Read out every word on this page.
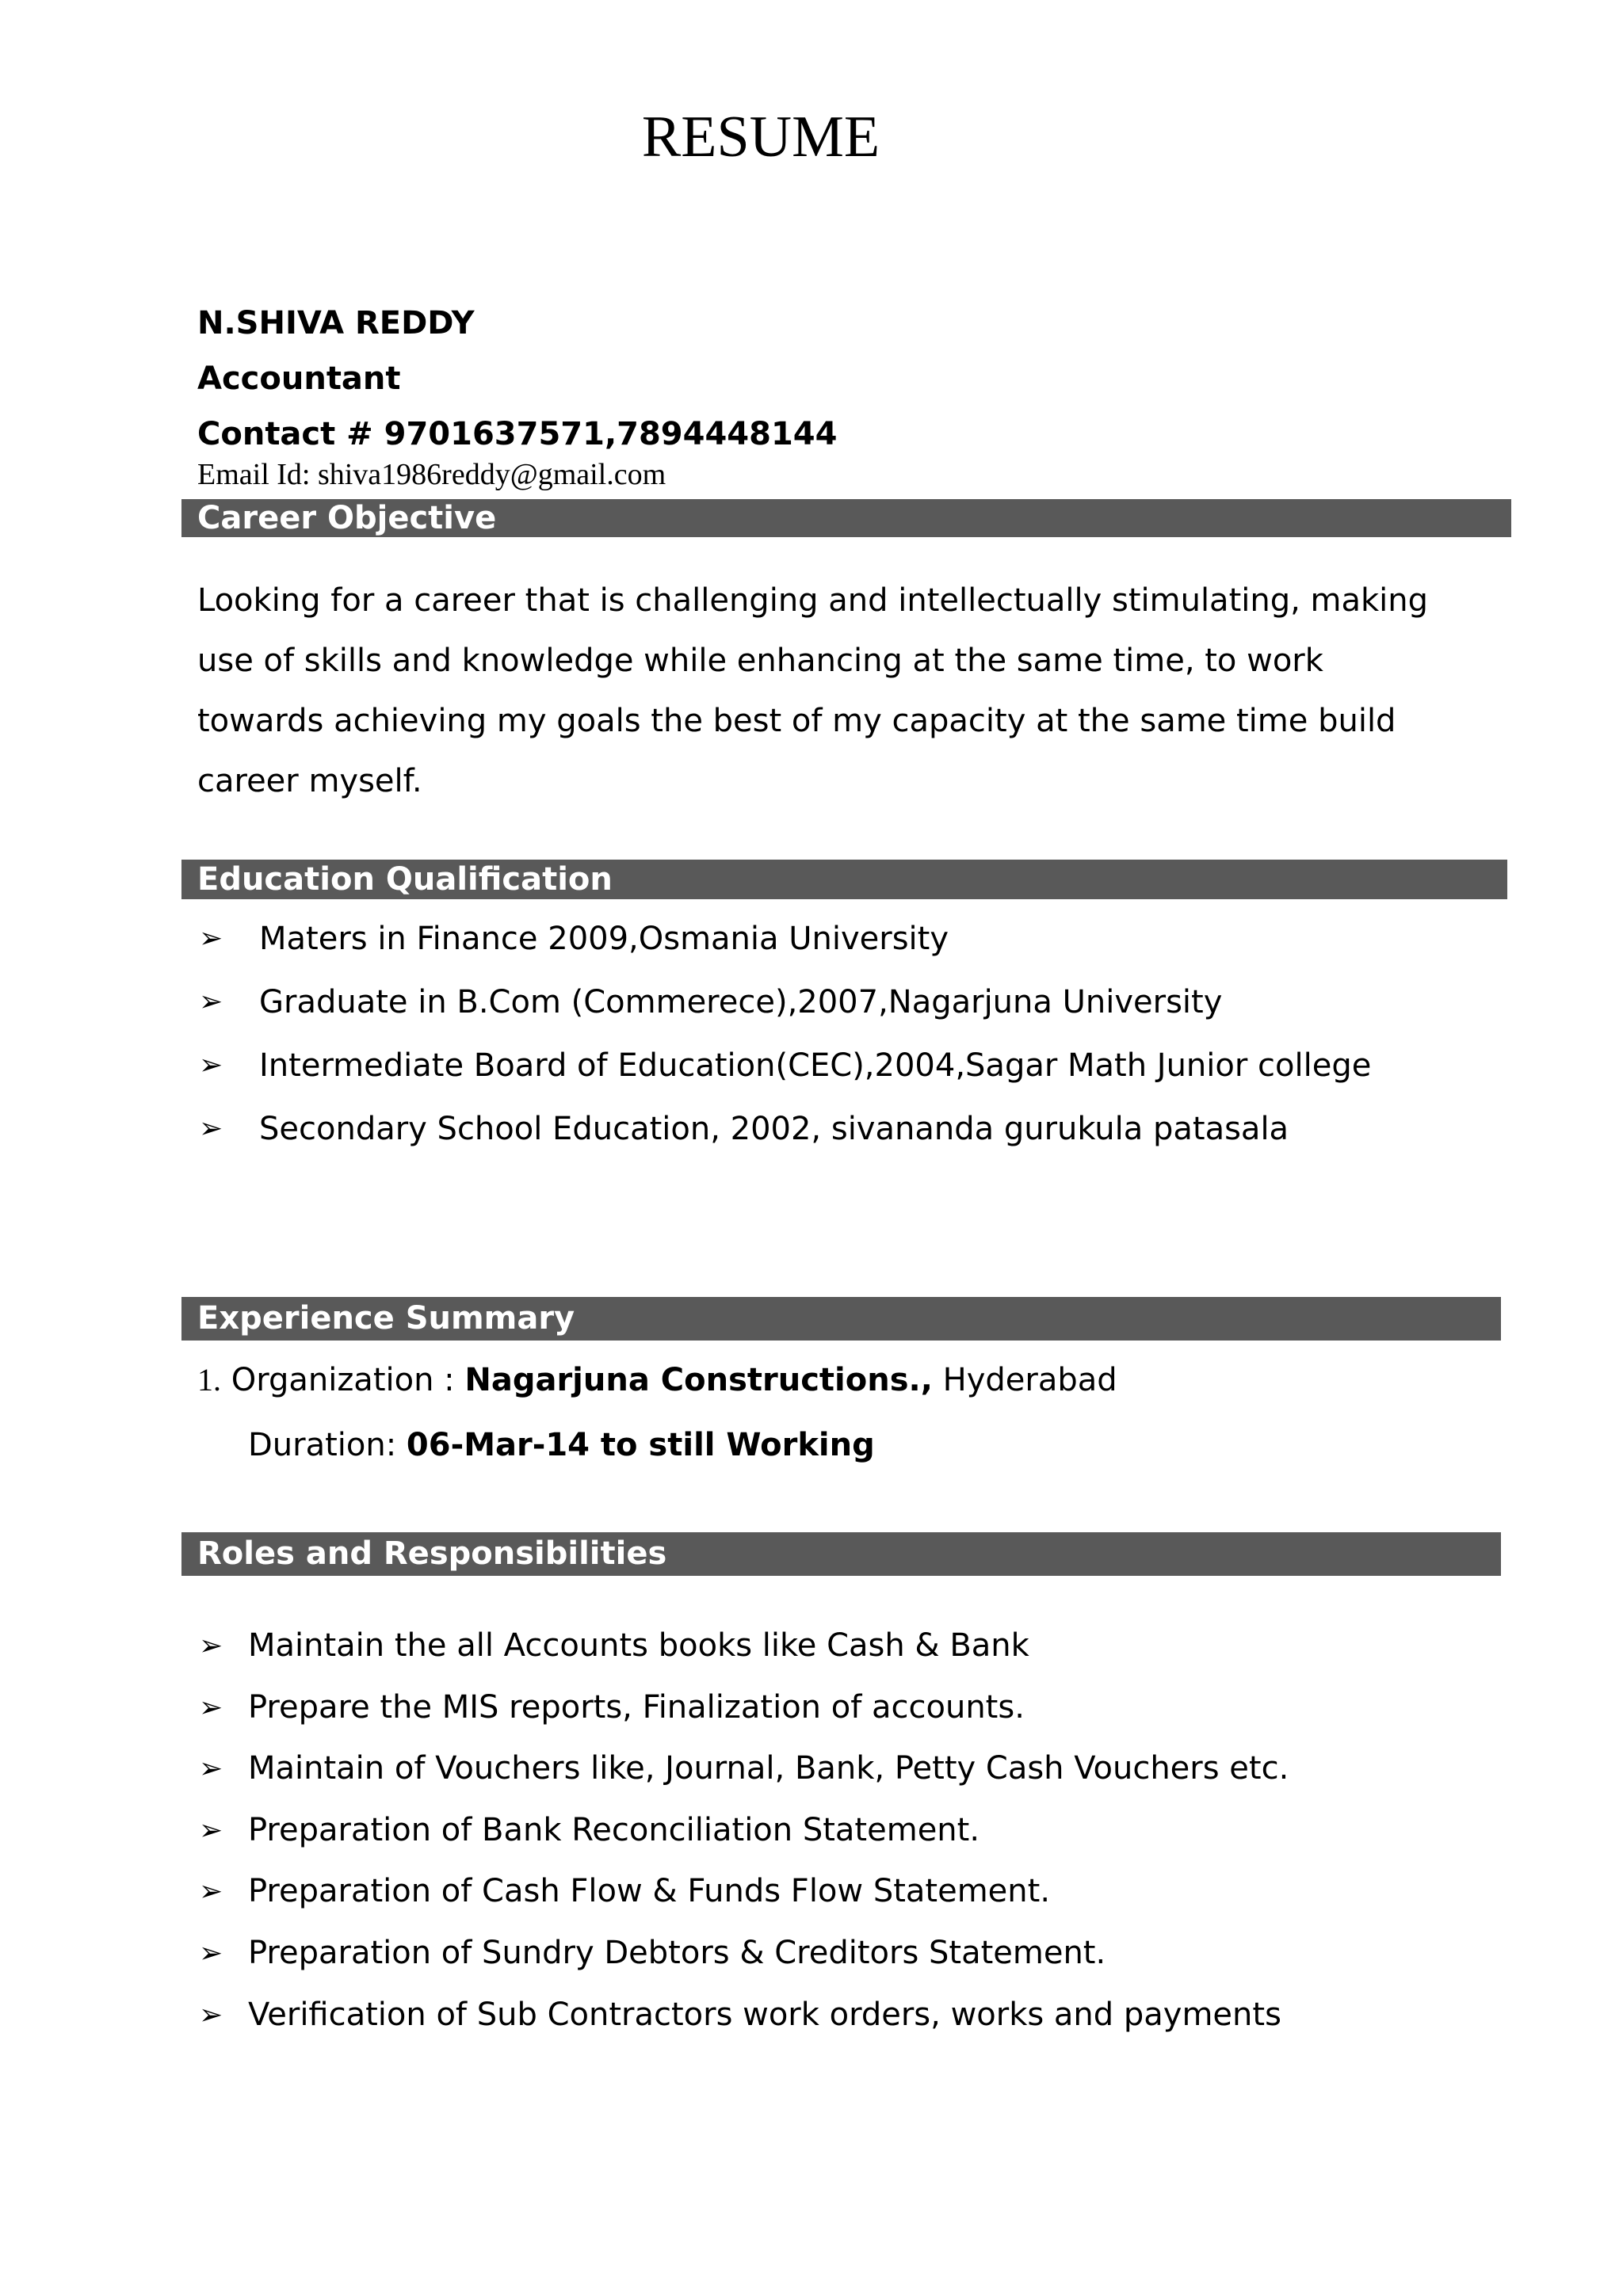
RESUME
N.SHIVA REDDY
Accountant
Contact # 9701637571,7894448144
Email Id: shiva1986reddy@gmail.com
Career Objective
Looking for a career that is challenging and intellectually stimulating, making
use of skills and knowledge while enhancing at the same time, to work
towards achieving my goals the best of my capacity at the same time build
career myself.
Education Qualification
➢ Maters in Finance 2009,Osmania University
➢ Graduate in B.Com (Commerece),2007,Nagarjuna University
➢ Intermediate Board of Education(CEC),2004,Sagar Math Junior college
➢ Secondary School Education, 2002, sivananda gurukula patasala
Experience Summary
1. Organization : Nagarjuna Constructions., Hyderabad
Duration: 06-Mar-14 to still Working
Roles and Responsibilities
➢ Maintain the all Accounts books like Cash & Bank
➢ Prepare the MIS reports, Finalization of accounts.
➢ Maintain of Vouchers like, Journal, Bank, Petty Cash Vouchers etc.
➢ Preparation of Bank Reconciliation Statement.
➢ Preparation of Cash Flow & Funds Flow Statement.
➢ Preparation of Sundry Debtors & Creditors Statement.
➢ Verification of Sub Contractors work orders, works and payments
